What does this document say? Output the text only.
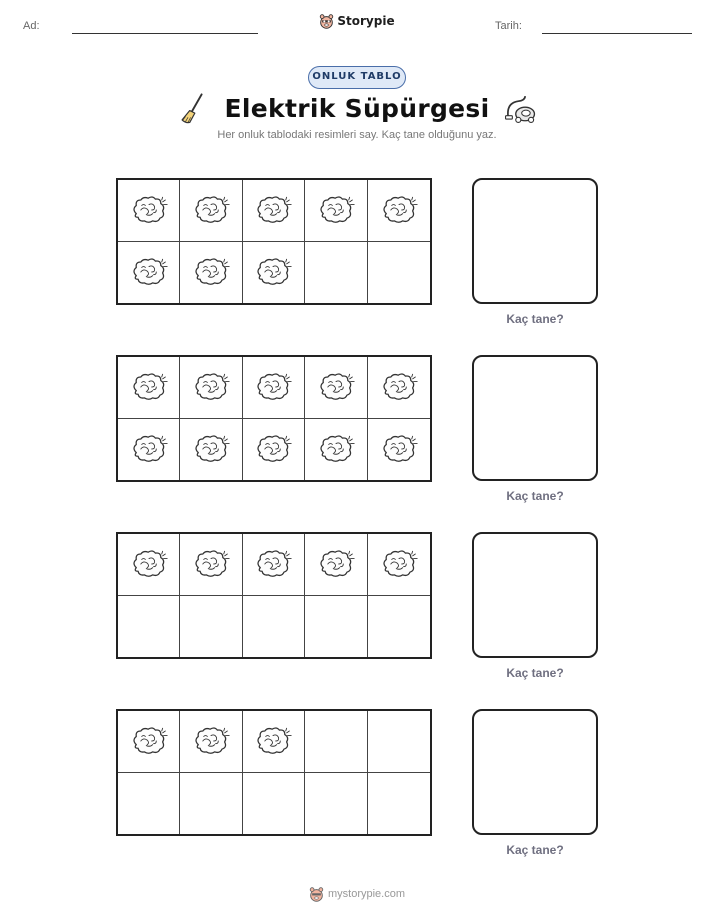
Ad:	Storypie	Tarih:
ONLUK TABLO
Elektrik Süpürgesi
Her onluk tablodaki resimleri say. Kaç tane olduğunu yaz.
Kaç tane?
Kaç tane?
Kaç tane?
Kaç tane?
mystorypie.com
